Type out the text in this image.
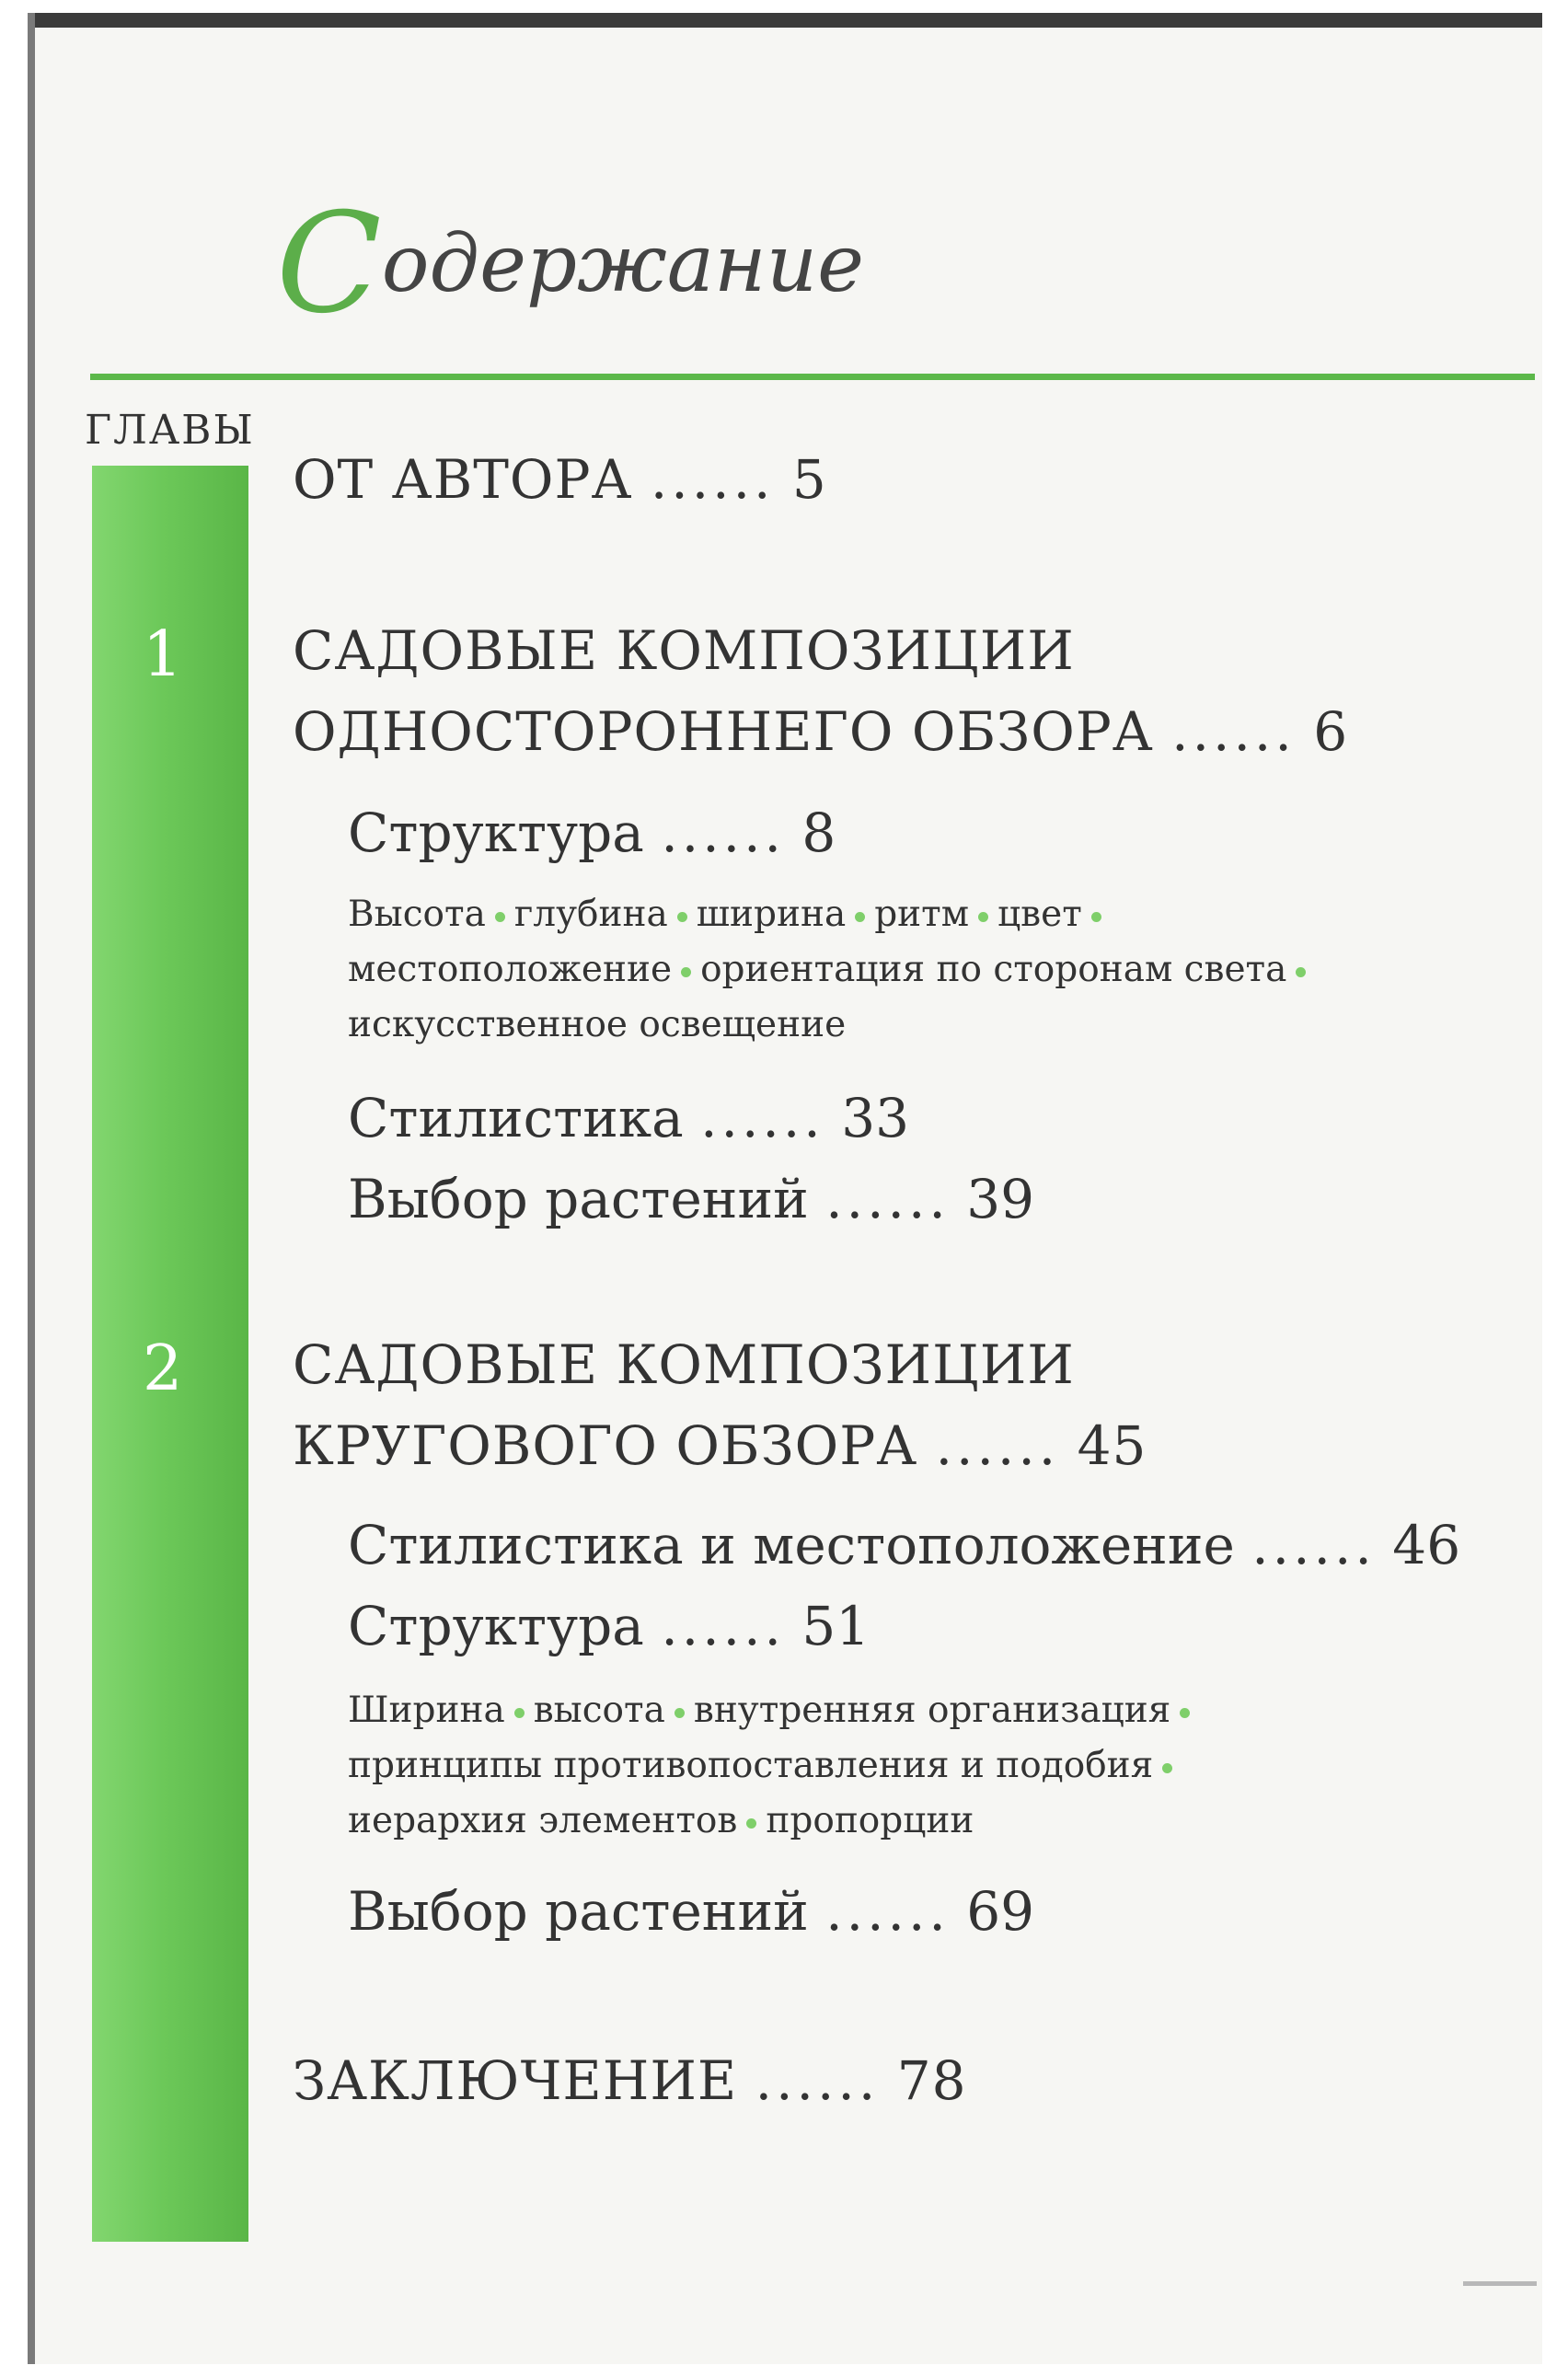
Содержание
ГЛАВЫ
ОТ АВТОРА ...... 5
1 САДОВЫЕ КОМПОЗИЦИИ
ОДНОСТОРОННЕГО ОБЗОРА ...... 6
Структура ...... 8
Высота глубина ширина ритм цвет
местоположение ориентация по сторонам света
искусственное освещение
Стилистика ...... 33
Выбор растений ...... 39
2 САДОВЫЕ КОМПОЗИЦИИ
КРУГОВОГО ОБЗОРА ...... 45
Стилистика и местоположение ...... 46
Структура ...... 51
Ширина высота внутренняя организация
принципы противопоставления и подобия
иерархия элементов пропорции
Выбор растений ...... 69
ЗАКЛЮЧЕНИЕ ...... 78
